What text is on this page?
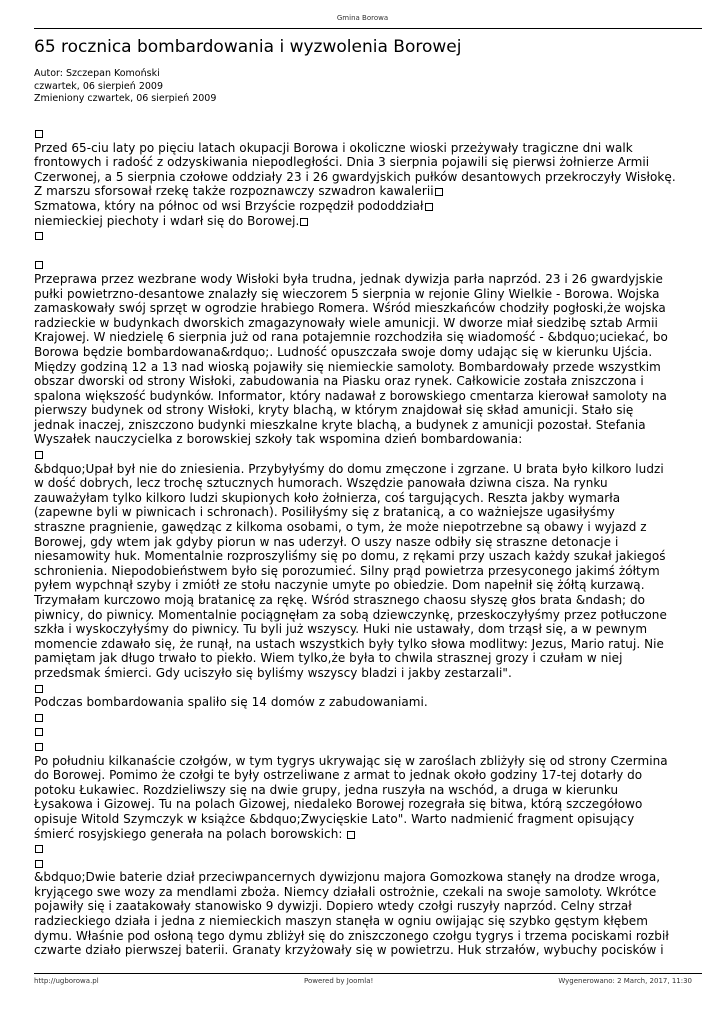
Gmina Borowa
65 rocznica bombardowania i wyzwolenia Borowej
Autor: Szczepan Komoński
czwartek, 06 sierpień 2009
Zmieniony czwartek, 06 sierpień 2009
Przed 65-ciu laty po pięciu latach okupacji Borowa i okoliczne wioski przeżywały tragiczne dni walk
frontowych i radość z odzyskiwania niepodległości. Dnia 3 sierpnia pojawili się pierwsi żołnierze Armii
Czerwonej, a 5 sierpnia czołowe oddziały 23 i 26 gwardyjskich pułków desantowych przekroczyły Wisłokę.
Z marszu sforsował rzekę także rozpoznawczy szwadron kawalerii
Szmatowa, który na północ od wsi Brzyście rozpędził pododdział
niemieckiej piechoty i wdarł się do Borowej.
Przeprawa przez wezbrane wody Wisłoki była trudna, jednak dywizja parła naprzód. 23 i 26 gwardyjskie
pułki powietrzno-desantowe znalazły się wieczorem 5 sierpnia w rejonie Gliny Wielkie - Borowa. Wojska
zamaskowały swój sprzęt w ogrodzie hrabiego Romera. Wśród mieszkańców chodziły pogłoski,że wojska
radzieckie w budynkach dworskich zmagazynowały wiele amunicji. W dworze miał siedzibę sztab Armii
Krajowej. W niedzielę 6 sierpnia już od rana potajemnie rozchodziła się wiadomość - &bdquo;uciekać, bo
Borowa będzie bombardowana&rdquo;. Ludność opuszczała swoje domy udając się w kierunku Ujścia.
Między godziną 12 a 13 nad wioską pojawiły się niemieckie samoloty. Bombardowały przede wszystkim
obszar dworski od strony Wisłoki, zabudowania na Piasku oraz rynek. Całkowicie została zniszczona i
spalona większość budynków. Informator, który nadawał z borowskiego cmentarza kierował samoloty na
pierwszy budynek od strony Wisłoki, kryty blachą, w którym znajdował się skład amunicji. Stało się
jednak inaczej, zniszczono budynki mieszkalne kryte blachą, a budynek z amunicji pozostał. Stefania
Wyszałek nauczycielka z borowskiej szkoły tak wspomina dzień bombardowania:
&bdquo;Upał był nie do zniesienia. Przybyłyśmy do domu zmęczone i zgrzane. U brata było kilkoro ludzi
w dość dobrych, lecz trochę sztucznych humorach. Wszędzie panowała dziwna cisza. Na rynku
zauważyłam tylko kilkoro ludzi skupionych koło żołnierza, coś targujących. Reszta jakby wymarła
(zapewne byli w piwnicach i schronach). Posiliłyśmy się z bratanicą, a co ważniejsze ugasiłyśmy
straszne pragnienie, gawędząc z kilkoma osobami, o tym, że może niepotrzebne są obawy i wyjazd z
Borowej, gdy wtem jak gdyby piorun w nas uderzył. O uszy nasze odbiły się straszne detonacje i
niesamowity huk. Momentalnie rozproszyliśmy się po domu, z rękami przy uszach każdy szukał jakiegoś
schronienia. Niepodobieństwem było się porozumieć. Silny prąd powietrza przesyconego jakimś żółtym
pyłem wypchnął szyby i zmiótł ze stołu naczynie umyte po obiedzie. Dom napełnił się żółtą kurzawą.
Trzymałam kurczowo moją bratanicę za rękę. Wśród strasznego chaosu słyszę głos brata &ndash; do
piwnicy, do piwnicy. Momentalnie pociągnęłam za sobą dziewczynkę, przeskoczyłyśmy przez potłuczone
szkła i wyskoczyłyśmy do piwnicy. Tu byli już wszyscy. Huki nie ustawały, dom trząsł się, a w pewnym
momencie zdawało się, że runął, na ustach wszystkich były tylko słowa modlitwy: Jezus, Mario ratuj. Nie
pamiętam jak długo trwało to piekło. Wiem tylko,że była to chwila strasznej grozy i czułam w niej
przedsmak śmierci. Gdy uciszyło się byliśmy wszyscy bladzi i jakby zestarzali".
Podczas bombardowania spaliło się 14 domów z zabudowaniami.
Po południu kilkanaście czołgów, w tym tygrys ukrywając się w zaroślach zbliżyły się od strony Czermina
do Borowej. Pomimo że czołgi te były ostrzeliwane z armat to jednak około godziny 17-tej dotarły do
potoku Łukawiec. Rozdzieliwszy się na dwie grupy, jedna ruszyła na wschód, a druga w kierunku
Łysakowa i Gizowej. Tu na polach Gizowej, niedaleko Borowej rozegrała się bitwa, którą szczegółowo
opisuje Witold Szymczyk w książce &bdquo;Zwycięskie Lato". Warto nadmienić fragment opisujący
śmierć rosyjskiego generała na polach borowskich:
&bdquo;Dwie baterie dział przeciwpancernych dywizjonu majora Gomozkowa stanęły na drodze wroga,
kryjącego swe wozy za mendlami zboża. Niemcy działali ostrożnie, czekali na swoje samoloty. Wkrótce
pojawiły się i zaatakowały stanowisko 9 dywizji. Dopiero wtedy czołgi ruszyły naprzód. Celny strzał
radzieckiego działa i jedna z niemieckich maszyn stanęła w ogniu owijając się szybko gęstym kłębem
dymu. Właśnie pod osłoną tego dymu zbliżył się do zniszczonego czołgu tygrys i trzema pociskami rozbił
czwarte działo pierwszej baterii. Granaty krzyżowały się w powietrzu. Huk strzałów, wybuchy pocisków i
http://ugborowa.pl	Powered by Joomla!	Wygenerowano: 2 March, 2017, 11:30
